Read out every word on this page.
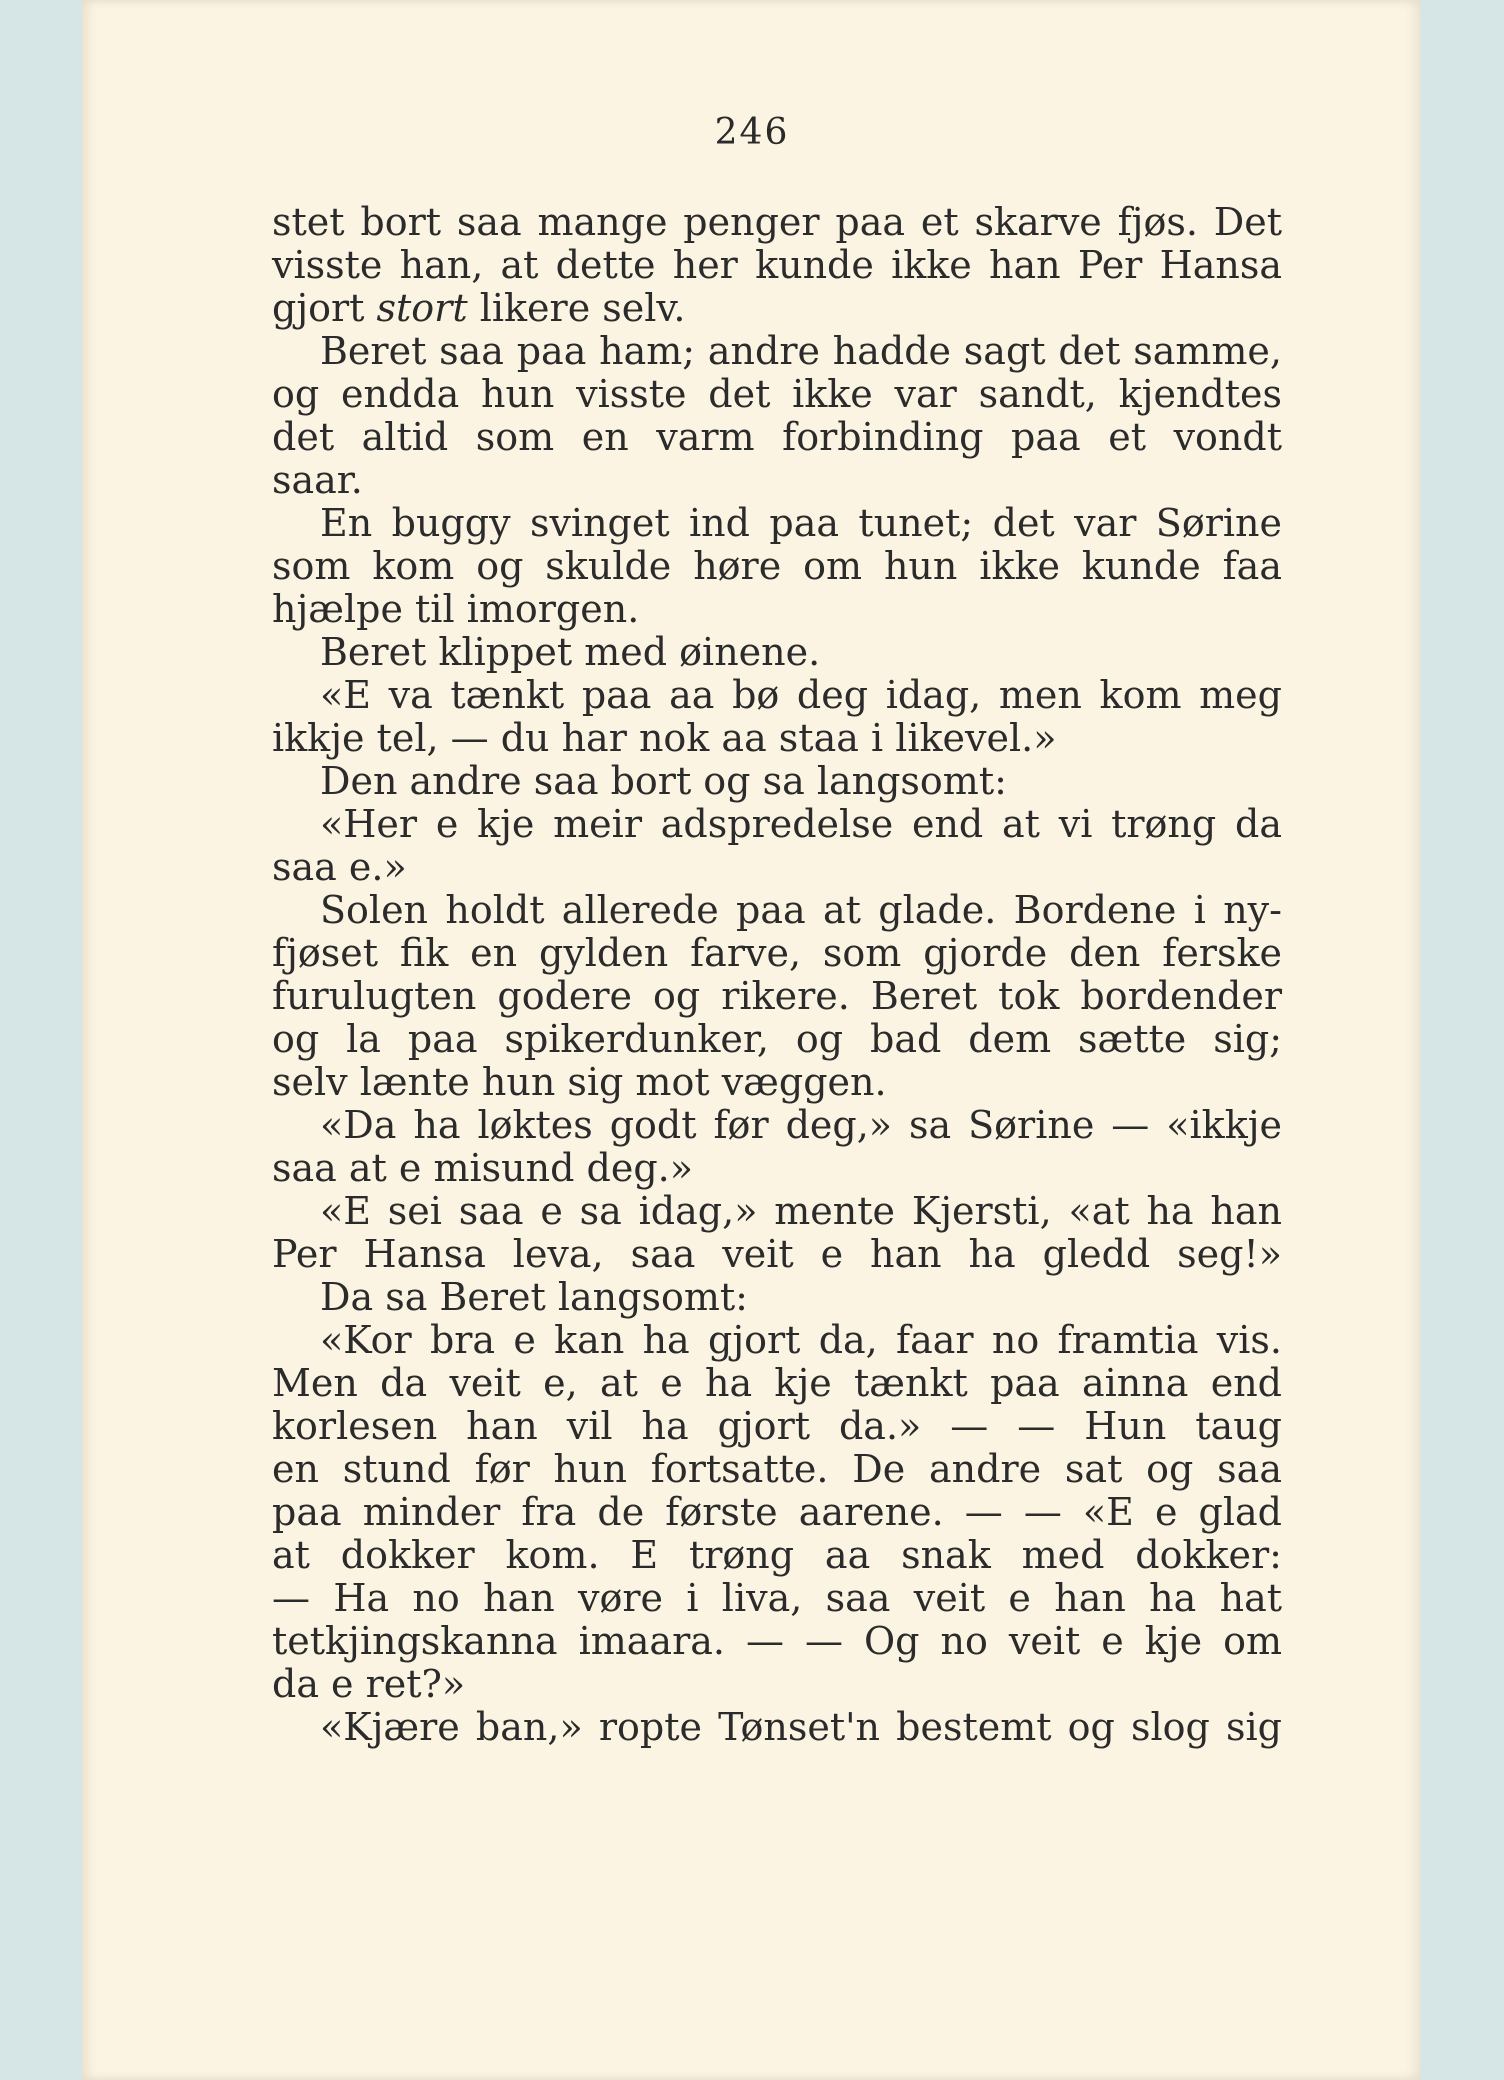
246
stet bort saa mange penger paa et skarve fjøs. Det
visste han, at dette her kunde ikke han Per Hansa
gjort stort likere selv.
Beret saa paa ham; andre hadde sagt det samme,
og endda hun visste det ikke var sandt, kjendtes
det altid som en varm forbinding paa et vondt
saar.
En buggy svinget ind paa tunet; det var Sørine
som kom og skulde høre om hun ikke kunde faa
hjælpe til imorgen.
Beret klippet med øinene.
«E va tænkt paa aa bø deg idag, men kom meg
ikkje tel, — du har nok aa staa i likevel.»
Den andre saa bort og sa langsomt:
«Her e kje meir adspredelse end at vi trøng da
saa e.»
Solen holdt allerede paa at glade. Bordene i ny-
fjøset fik en gylden farve, som gjorde den ferske
furulugten godere og rikere. Beret tok bordender
og la paa spikerdunker, og bad dem sætte sig;
selv lænte hun sig mot væggen.
«Da ha løktes godt før deg,» sa Sørine — «ikkje
saa at e misund deg.»
«E sei saa e sa idag,» mente Kjersti, «at ha han
Per Hansa leva, saa veit e han ha gledd seg!»
Da sa Beret langsomt:
«Kor bra e kan ha gjort da, faar no framtia vis.
Men da veit e, at e ha kje tænkt paa ainna end
korlesen han vil ha gjort da.» — — Hun taug
en stund før hun fortsatte. De andre sat og saa
paa minder fra de første aarene. — — «E e glad
at dokker kom. E trøng aa snak med dokker:
— Ha no han vøre i liva, saa veit e han ha hat
tetkjingskanna imaara. — — Og no veit e kje om
da e ret?»
«Kjære ban,» ropte Tønset'n bestemt og slog sig
